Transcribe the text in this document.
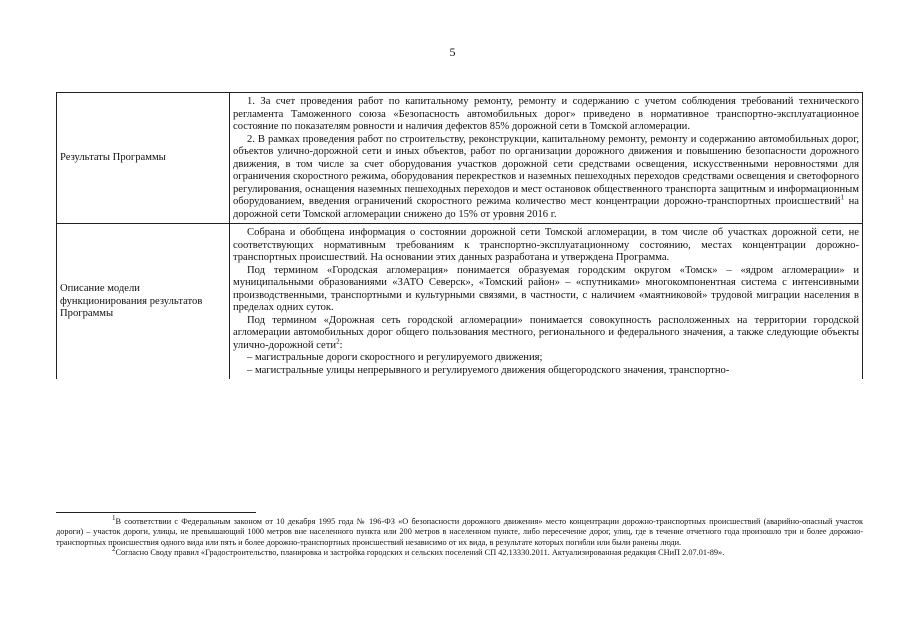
5
Результаты Программы	1. За счет проведения работ по капитальному ремонту, ремонту и содержанию с учетом соблюдения требований технического регламента Таможенного союза «Безопасность автомобильных дорог» приведено в нормативное транспортно-эксплуатационное состояние по показателям ровности и наличия дефектов 85% дорожной сети в Томской агломерации.

2. В рамках проведения работ по строительству, реконструкции, капитальному ремонту, ремонту и содержанию автомобильных дорог, объектов улично-дорожной сети и иных объектов, работ по организации дорожного движения и повышению безопасности дорожного движения, в том числе за счет оборудования участков дорожной сети средствами освещения, искусственными неровностями для ограничения скоростного режима, оборудования перекрестков и наземных пешеходных переходов средствами освещения и светофорного регулирования, оснащения наземных пешеходных переходов и мест остановок общественного транспорта защитным и информационным оборудованием, введения ограничений скоростного режима количество мест концентрации дорожно-транспортных происшествий$^1$ на дорожной сети Томской агломерации снижено до 15% от уровня 2016 г.

Описание модели функционирования результатов Программы	Собрана и обобщена информация о состоянии дорожной сети Томской агломерации, в том числе об участках дорожной сети, не соответствующих нормативным требованиям к транспортно-эксплуатационному состоянию, местах концентрации дорожно-транспортных происшествий. На основании этих данных разработана и утверждена Программа.

Под термином «Городская агломерация» понимается образуемая городским округом «Томск» – «ядром агломерации» и муниципальными образованиями «ЗАТО Северск», «Томский район» – «спутниками» многокомпонентная система с интенсивными производственными, транспортными и культурными связями, в частности, с наличием «маятниковой» трудовой миграции населения в пределах одних суток.

Под термином «Дорожная сеть городской агломерации» понимается совокупность расположенных на территории городской агломерации автомобильных дорог общего пользования местного, регионального и федерального значения, а также следующие объекты улично-дорожной сети$^2$:

– магистральные дороги скоростного и регулируемого движения;

– магистральные улицы непрерывного и регулируемого движения общегородского значения, транспортно-

$^1$В соответствии с Федеральным законом от 10 декабря 1995 года № 196-ФЗ «О безопасности дорожного движения» место концентрации дорожно-транспортных происшествий (аварийно-опасный участок дороги) – участок дороги, улицы, не превышающий 1000 метров вне населенного пункта или 200 метров в населенном пункте, либо пересечение дорог, улиц, где в течение отчетного года произошло три и более дорожно-транспортных происшествия одного вида или пять и более дорожно-транспортных происшествий независимо от их вида, в результате которых погибли или были ранены люди.

$^2$Согласно Своду правил «Градостроительство, планировка и застройка городских и сельских поселений СП 42.13330.2011. Актуализированная редакция СНиП 2.07.01-89».
